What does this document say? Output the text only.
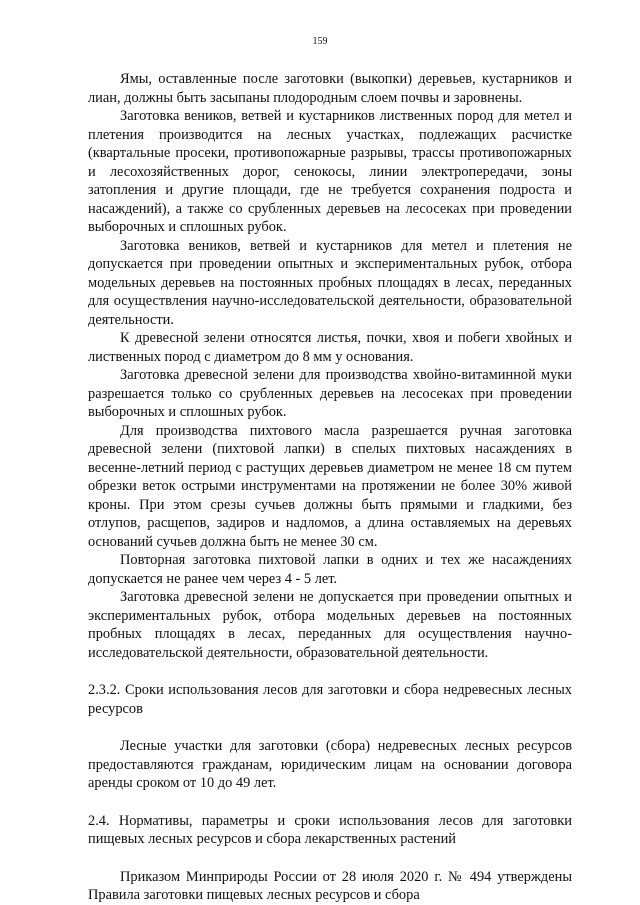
159

Ямы, оставленные после заготовки (выкопки) деревьев, кустарников и лиан, должны быть засыпаны плодородным слоем почвы и заровнены.

Заготовка веников, ветвей и кустарников лиственных пород для метел и плетения производится на лесных участках, подлежащих расчистке (квартальные просеки, противопожарные разрывы, трассы противопожарных и лесохозяйственных дорог, сенокосы, линии электропередачи, зоны затопления и другие площади, где не требуется сохранения подроста и насаждений), а также со срубленных деревьев на лесосеках при проведении выборочных и сплошных рубок.

Заготовка веников, ветвей и кустарников для метел и плетения не допускается при проведении опытных и экспериментальных рубок, отбора модельных деревьев на постоянных пробных площадях в лесах, переданных для осуществления научно-исследовательской деятельности, образовательной деятельности.

К древесной зелени относятся листья, почки, хвоя и побеги хвойных и лиственных пород с диаметром до 8 мм у основания.

Заготовка древесной зелени для производства хвойно-витаминной муки разрешается только со срубленных деревьев на лесосеках при проведении выборочных и сплошных рубок.

Для производства пихтового масла разрешается ручная заготовка древесной зелени (пихтовой лапки) в спелых пихтовых насаждениях в весенне-летний период с растущих деревьев диаметром не менее 18 см путем обрезки веток острыми инструментами на протяжении не более 30% живой кроны. При этом срезы сучьев должны быть прямыми и гладкими, без отлупов, расщепов, задиров и надломов, а длина оставляемых на деревьях оснований сучьев должна быть не менее 30 см.

Повторная заготовка пихтовой лапки в одних и тех же насаждениях допускается не ранее чем через 4 - 5 лет.

Заготовка древесной зелени не допускается при проведении опытных и экспериментальных рубок, отбора модельных деревьев на постоянных пробных площадях в лесах, переданных для осуществления научно-исследовательской деятельности, образовательной деятельности.

2.3.2. Сроки использования лесов для заготовки и сбора недревесных лесных ресурсов

Лесные участки для заготовки (сбора) недревесных лесных ресурсов предоставляются гражданам, юридическим лицам на основании договора аренды сроком от 10 до 49 лет.

2.4. Нормативы, параметры и сроки использования лесов для заготовки пищевых лесных ресурсов и сбора лекарственных растений

Приказом Минприроды России от 28 июля 2020 г. № 494 утверждены Правила заготовки пищевых лесных ресурсов и сбора
